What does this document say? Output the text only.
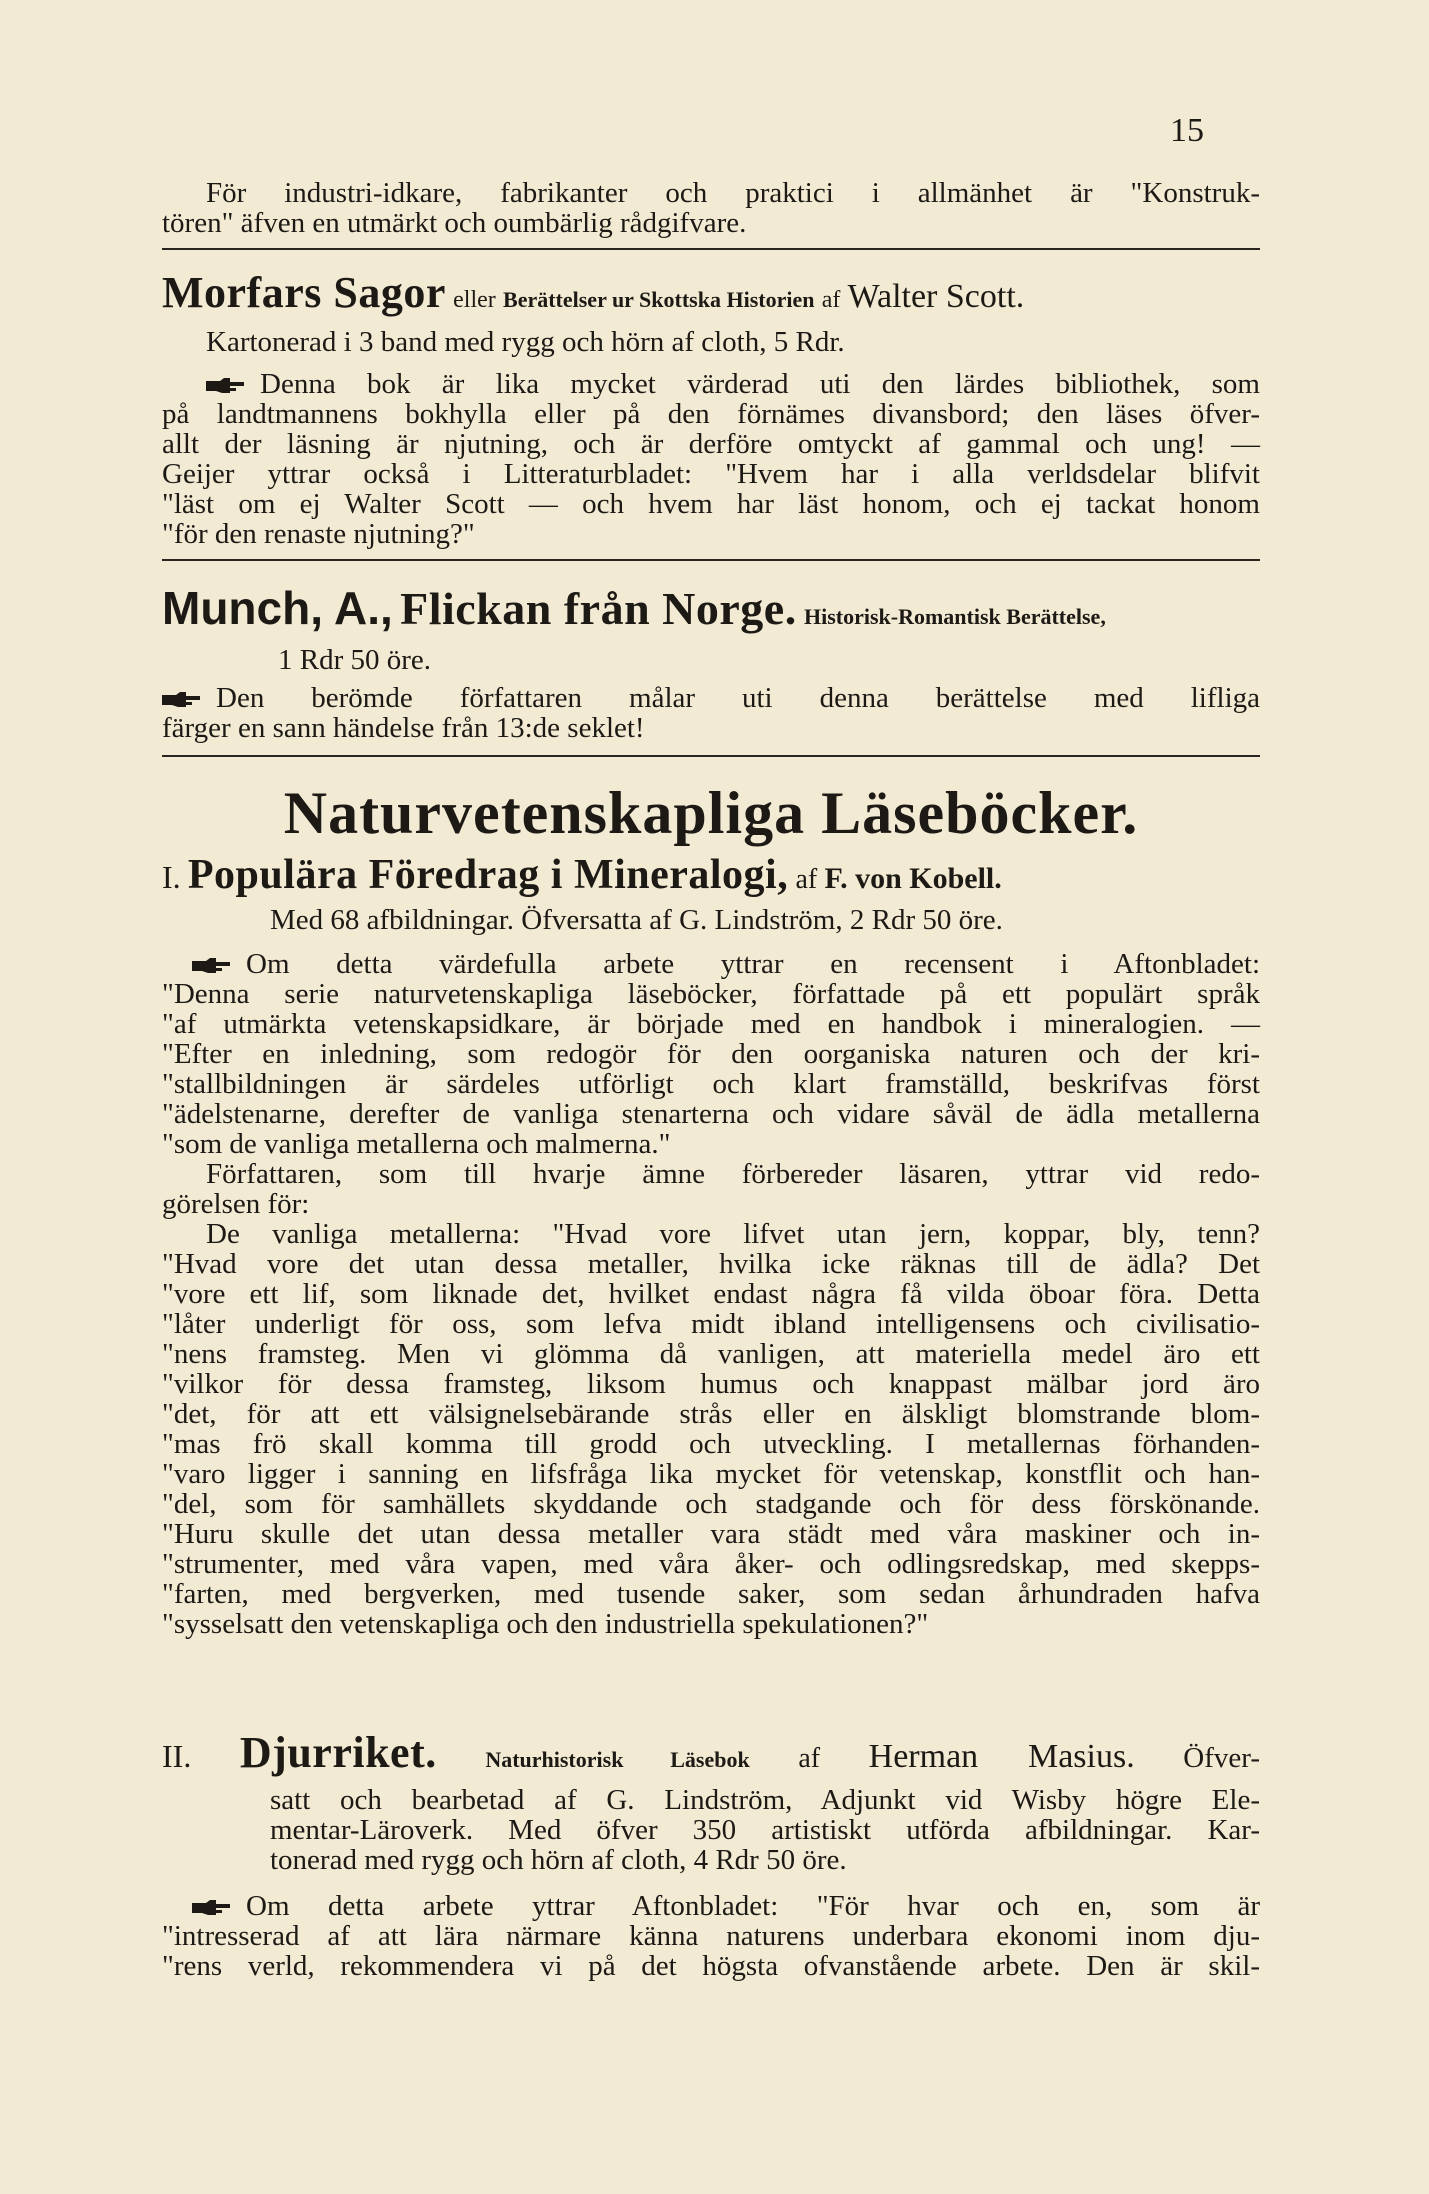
15

För industri-idkare, fabrikanter och praktici i allmänhet är "Konstruk-

tören" äfven en utmärkt och oumbärlig rådgifvare.

Morfars Sagor eller Berättelser ur Skottska Historien af Walter Scott.

Kartonerad i 3 band med rygg och hörn af cloth, 5 Rdr.

Denna bok är lika mycket värderad uti den lärdes bibliothek, som

på landtmannens bokhylla eller på den förnämes divansbord; den läses öfver-

allt der läsning är njutning, och är derföre omtyckt af gammal och ung! —

Geijer yttrar också i Litteraturbladet: "Hvem har i alla verldsdelar blifvit

"läst om ej Walter Scott — och hvem har läst honom, och ej tackat honom

"för den renaste njutning?"

Munch, A., Flickan från Norge. Historisk-Romantisk Berättelse,

1 Rdr 50 öre.

Den berömde författaren målar uti denna berättelse med lifliga

färger en sann händelse från 13:de seklet!

Naturvetenskapliga Läseböcker.

I. Populära Föredrag i Mineralogi, af F. von Kobell.

Med 68 afbildningar. Öfversatta af G. Lindström, 2 Rdr 50 öre.

Om detta värdefulla arbete yttrar en recensent i Aftonbladet:

"Denna serie naturvetenskapliga läseböcker, författade på ett populärt språk

"af utmärkta vetenskapsidkare, är började med en handbok i mineralogien. —

"Efter en inledning, som redogör för den oorganiska naturen och der kri-

"stallbildningen är särdeles utförligt och klart framställd, beskrifvas först

"ädelstenarne, derefter de vanliga stenarterna och vidare såväl de ädla metallerna

"som de vanliga metallerna och malmerna."

Författaren, som till hvarje ämne förbereder läsaren, yttrar vid redo-

görelsen för:

De vanliga metallerna: "Hvad vore lifvet utan jern, koppar, bly, tenn?

"Hvad vore det utan dessa metaller, hvilka icke räknas till de ädla? Det

"vore ett lif, som liknade det, hvilket endast några få vilda öboar föra. Detta

"låter underligt för oss, som lefva midt ibland intelligensens och civilisatio-

"nens framsteg. Men vi glömma då vanligen, att materiella medel äro ett

"vilkor för dessa framsteg, liksom humus och knappast mälbar jord äro

"det, för att ett välsignelsebärande strås eller en älskligt blomstrande blom-

"mas frö skall komma till grodd och utveckling. I metallernas förhanden-

"varo ligger i sanning en lifsfråga lika mycket för vetenskap, konstflit och han-

"del, som för samhällets skyddande och stadgande och för dess förskönande.

"Huru skulle det utan dessa metaller vara städt med våra maskiner och in-

"strumenter, med våra vapen, med våra åker- och odlingsredskap, med skepps-

"farten, med bergverken, med tusende saker, som sedan århundraden hafva

"sysselsatt den vetenskapliga och den industriella spekulationen?"

II. Djurriket. Naturhistorisk Läsebok af Herman Masius. Öfver-

satt och bearbetad af G. Lindström, Adjunkt vid Wisby högre Ele-

mentar-Läroverk. Med öfver 350 artistiskt utförda afbildningar. Kar-

tonerad med rygg och hörn af cloth, 4 Rdr 50 öre.

Om detta arbete yttrar Aftonbladet: "För hvar och en, som är

"intresserad af att lära närmare känna naturens underbara ekonomi inom dju-

"rens verld, rekommendera vi på det högsta ofvanstående arbete. Den är skil-
